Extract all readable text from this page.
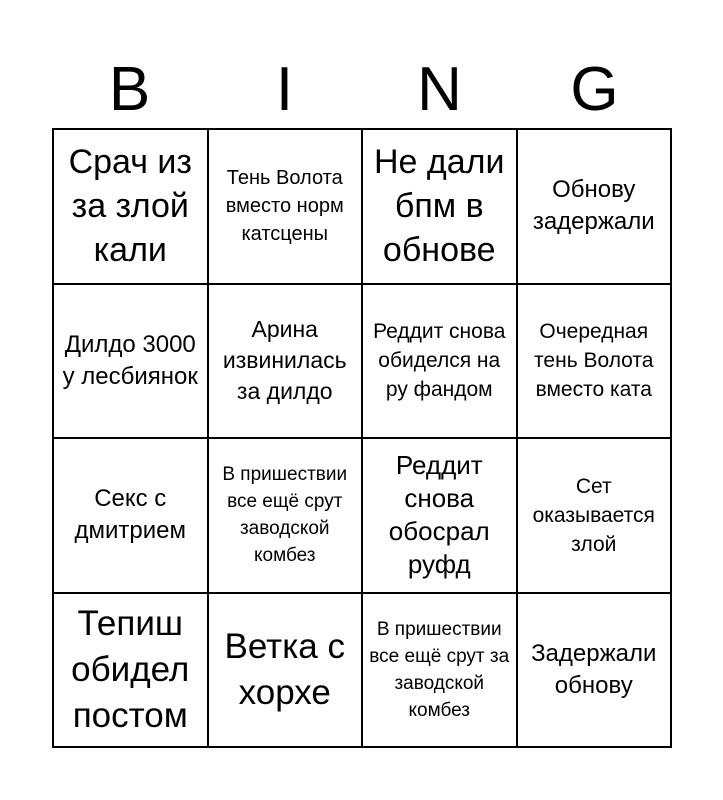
B	I	N	G
Срач из за злой кали
Тень Волота вместо норм катсцены
Не дали бпм в обнове
Обнову задержали
Дилдо 3000 у лесбиянок
Арина извинилась за дилдо
Реддит снова обиделся на ру фандом
Очередная тень Волота вместо ката
Секс с дмитрием
В пришествии все ещё срут заводской комбез
Реддит снова обосрал руфд
Сет оказывается злой
Тепиш обидел постом
Ветка с хорхе
В пришествии все ещё срут за заводской комбез
Задержали обнову
